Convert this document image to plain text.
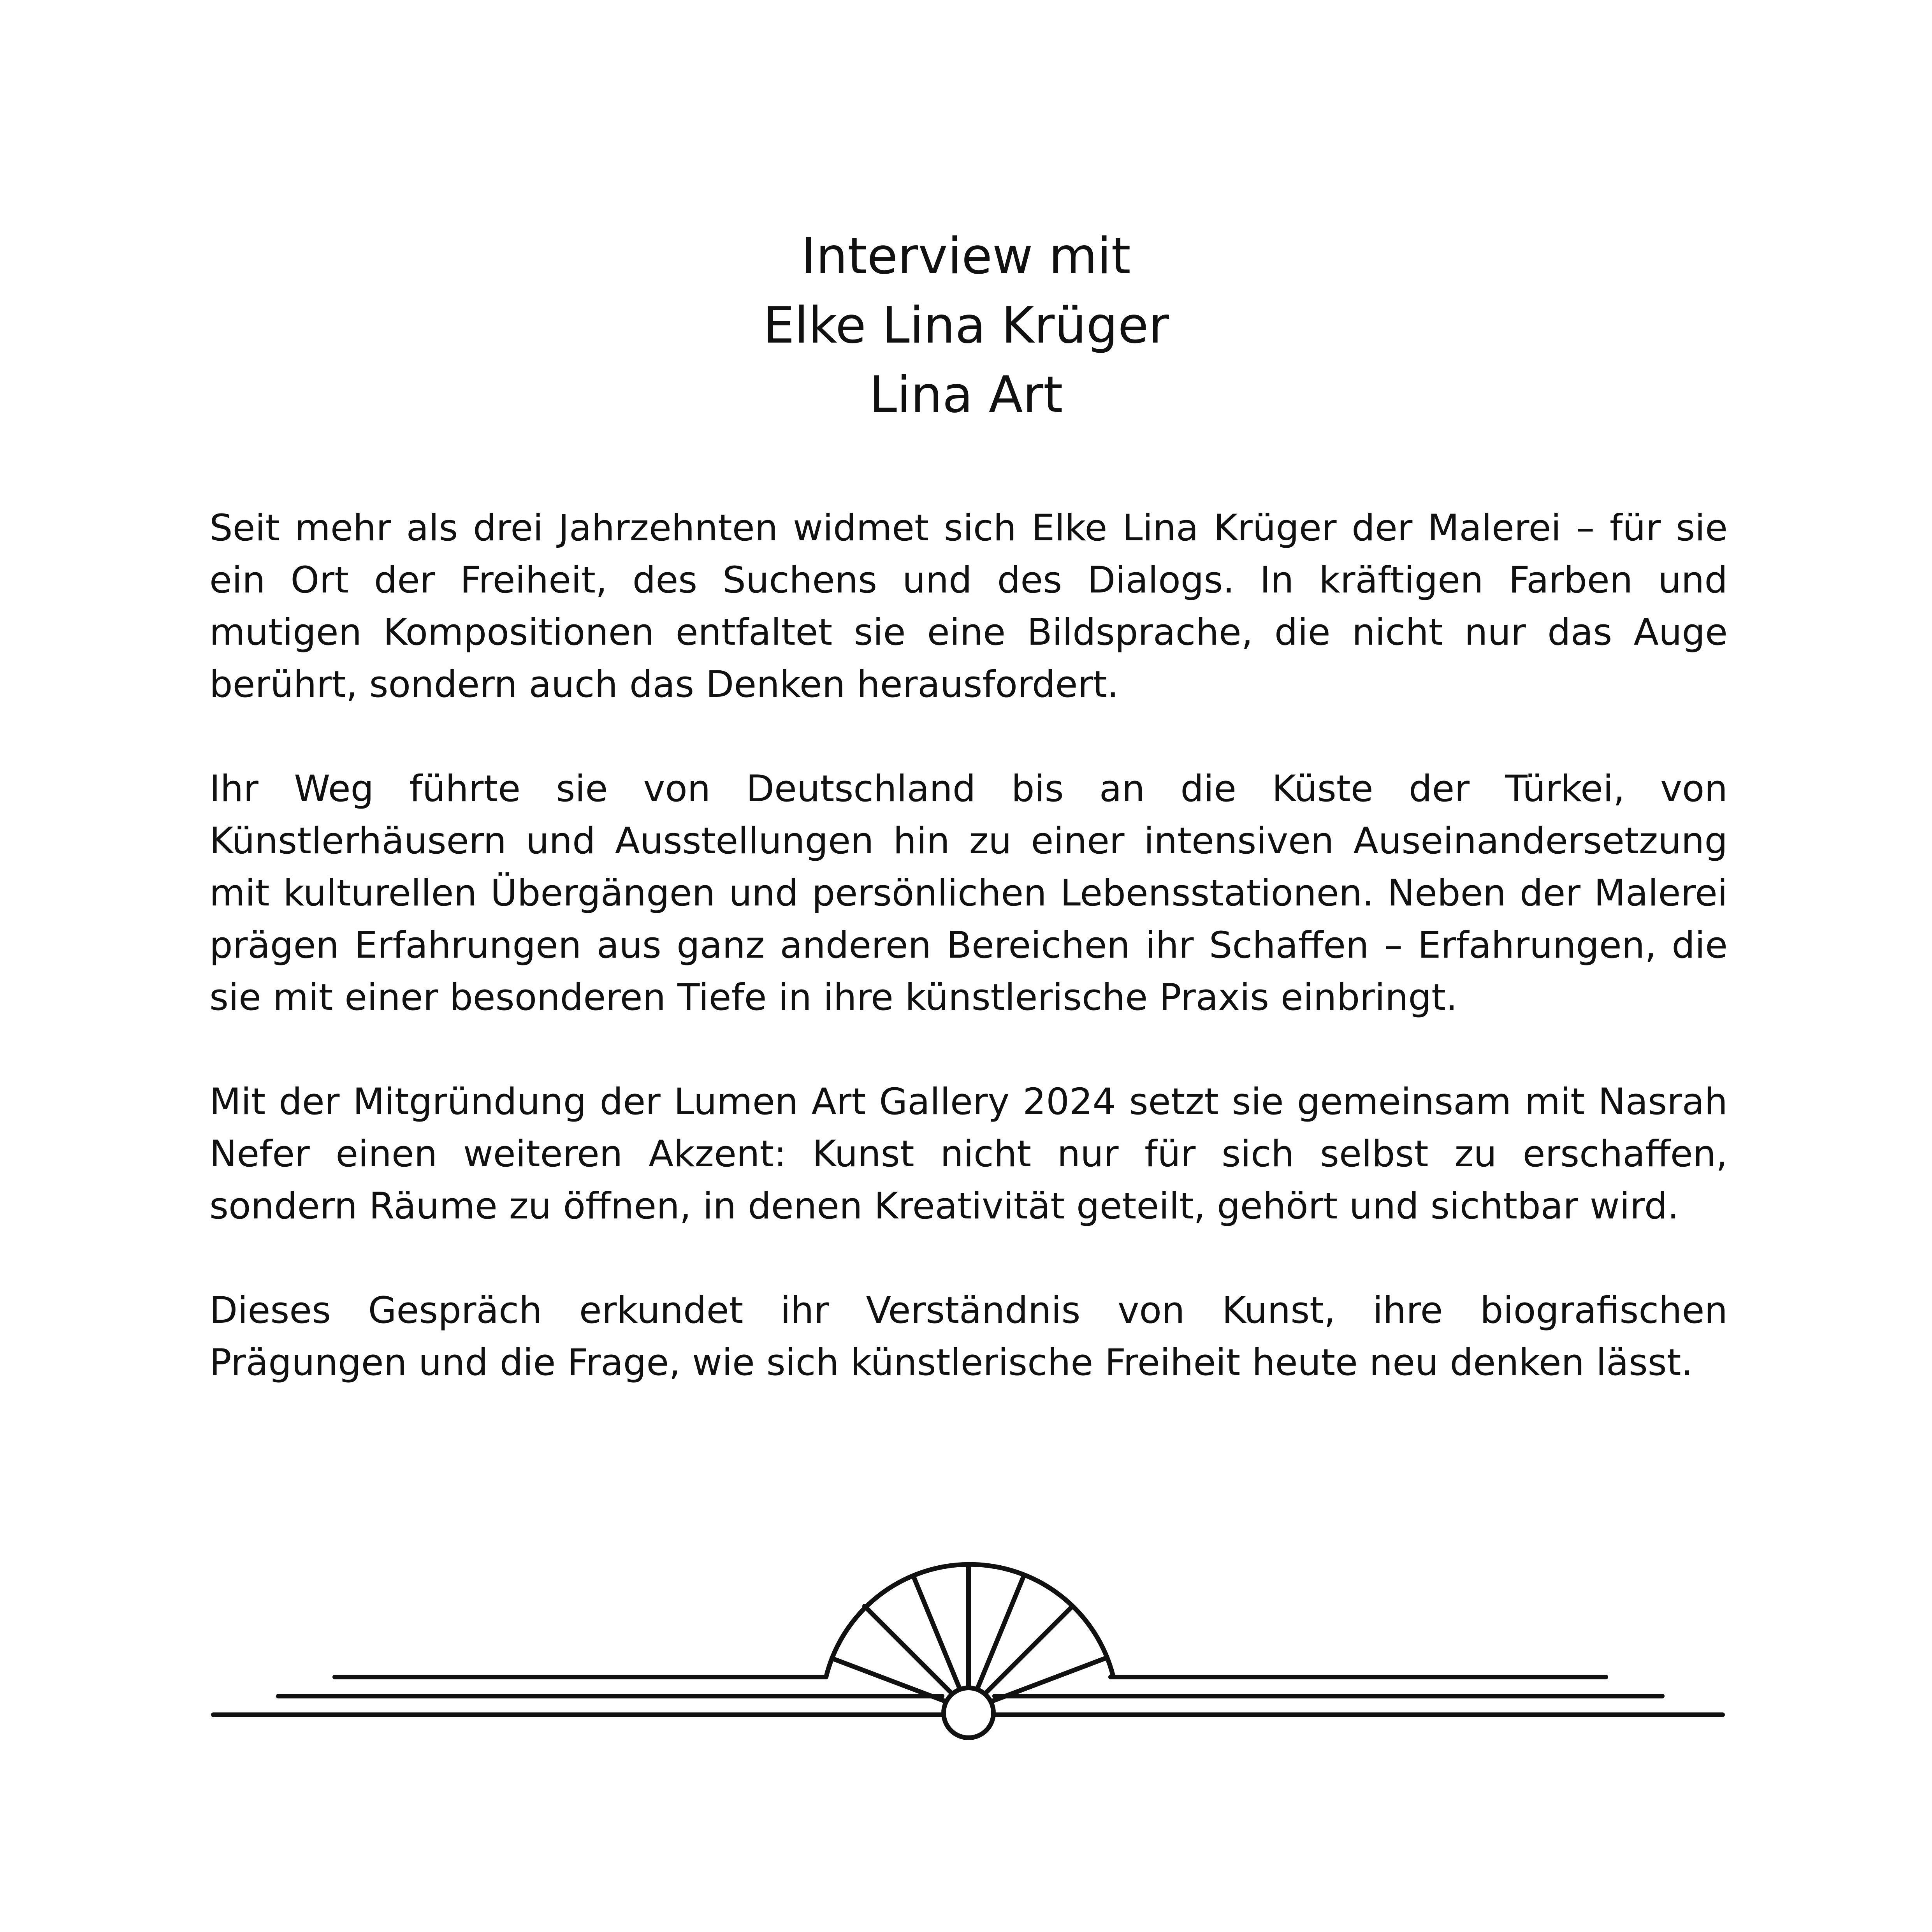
Interview mit
Elke Lina Krüger
Lina Art

Seit mehr als drei Jahrzehnten widmet sich Elke Lina Krüger der Malerei – für sie ein Ort der Freiheit, des Suchens und des Dialogs. In kräftigen Farben und mutigen Kompositionen entfaltet sie eine Bildsprache, die nicht nur das Auge berührt, sondern auch das Denken herausfordert.

Ihr Weg führte sie von Deutschland bis an die Küste der Türkei, von Künstlerhäusern und Ausstellungen hin zu einer intensiven Auseinandersetzung mit kulturellen Übergängen und persönlichen Lebensstationen. Neben der Malerei prägen Erfahrungen aus ganz anderen Bereichen ihr Schaffen – Erfahrungen, die sie mit einer besonderen Tiefe in ihre künstlerische Praxis einbringt.

Mit der Mitgründung der Lumen Art Gallery 2024 setzt sie gemeinsam mit Nasrah Nefer einen weiteren Akzent: Kunst nicht nur für sich selbst zu erschaffen, sondern Räume zu öffnen, in denen Kreativität geteilt, gehört und sichtbar wird.

Dieses Gespräch erkundet ihr Verständnis von Kunst, ihre biografischen Prägungen und die Frage, wie sich künstlerische Freiheit heute neu denken lässt.
